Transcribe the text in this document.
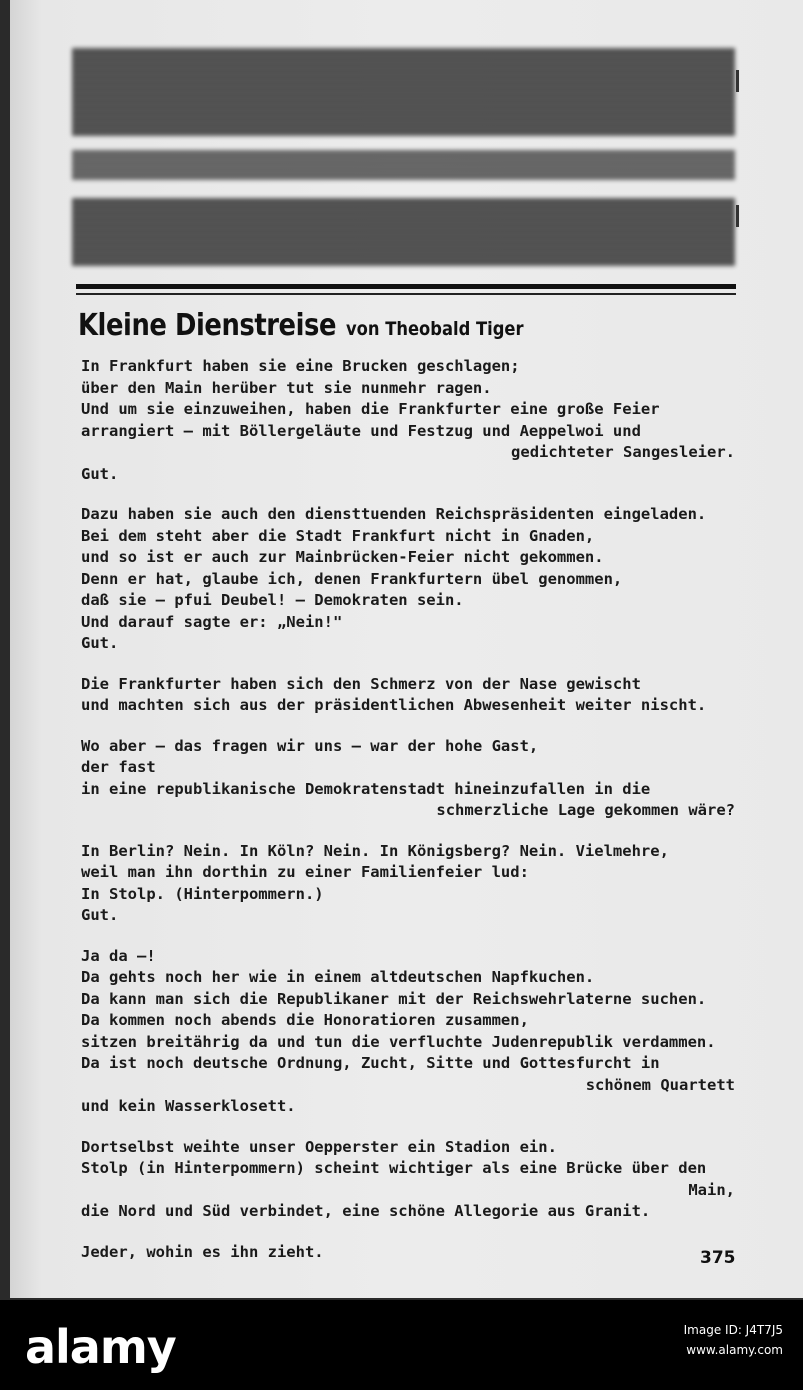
Kleine Dienstreise von Theobald Tiger
In Frankfurt haben sie eine Brucken geschlagen;
über den Main herüber tut sie nunmehr ragen.
Und um sie einzuweihen, haben die Frankfurter eine große Feier
arrangiert — mit Böllergeläute und Festzug und Aeppelwoi und
gedichteter Sangesleier.
Gut.
Dazu haben sie auch den diensttuenden Reichspräsidenten eingeladen.
Bei dem steht aber die Stadt Frankfurt nicht in Gnaden,
und so ist er auch zur Mainbrücken-Feier nicht gekommen.
Denn er hat, glaube ich, denen Frankfurtern übel genommen,
daß sie — pfui Deubel! — Demokraten sein.
Und darauf sagte er: „Nein!"
Gut.
Die Frankfurter haben sich den Schmerz von der Nase gewischt
und machten sich aus der präsidentlichen Abwesenheit weiter nischt.
Wo aber — das fragen wir uns — war der hohe Gast,
der fast
in eine republikanische Demokratenstadt hineinzufallen in die
schmerzliche Lage gekommen wäre?
In Berlin? Nein. In Köln? Nein. In Königsberg? Nein. Vielmehre,
weil man ihn dorthin zu einer Familienfeier lud:
In Stolp. (Hinterpommern.)
Gut.
Ja da —!
Da gehts noch her wie in einem altdeutschen Napfkuchen.
Da kann man sich die Republikaner mit der Reichswehrlaterne suchen.
Da kommen noch abends die Honoratioren zusammen,
sitzen breitährig da und tun die verfluchte Judenrepublik verdammen.
Da ist noch deutsche Ordnung, Zucht, Sitte und Gottesfurcht in
schönem Quartett
und kein Wasserklosett.
Dortselbst weihte unser Oepperster ein Stadion ein.
Stolp (in Hinterpommern) scheint wichtiger als eine Brücke über den
Main,
die Nord und Süd verbindet, eine schöne Allegorie aus Granit.
Jeder, wohin es ihn zieht.	375
alamy	Image ID: J4T7J5
www.alamy.com
